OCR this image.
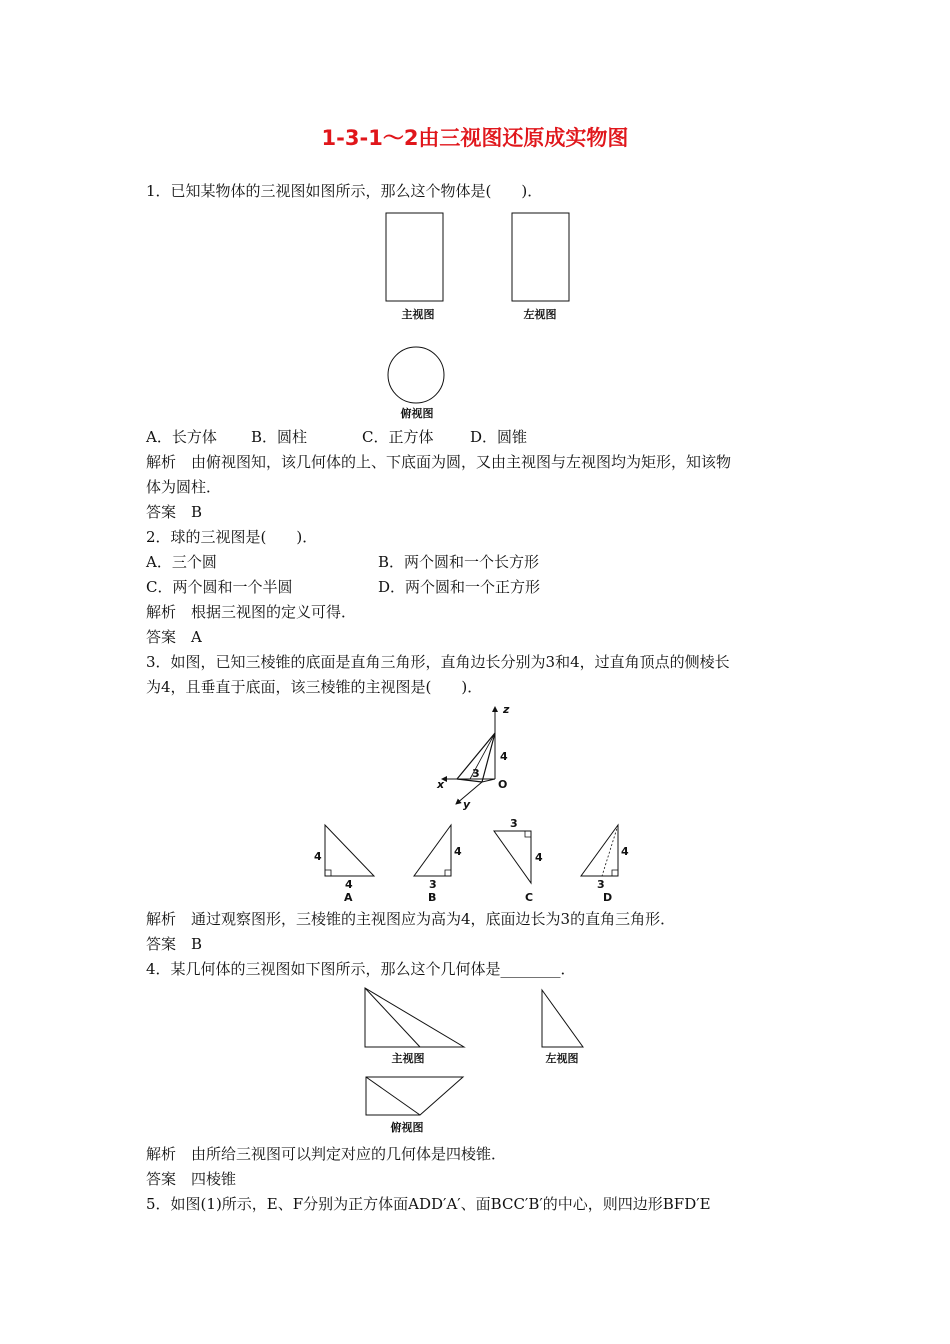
1-3-1～2由三视图还原成实物图
1．已知某物体的三视图如图所示，那么这个物体是(　　)．
主视图	左视图
俯视图
A．长方体 B．圆柱	C．正方体 D．圆锥
解析　由俯视图知，该几何体的上、下底面为圆，又由主视图与左视图均为矩形，知该物
体为圆柱．
答案　B
2．球的三视图是(　　)．
A．三个圆	B．两个圆和一个长方形
C．两个圆和一个半圆	D．两个圆和一个正方形
解析　根据三视图的定义可得．
答案　A
3．如图，已知三棱锥的底面是直角三角形，直角边长分别为3和4，过直角顶点的侧棱长
为4，且垂直于底面，该三棱锥的主视图是(　　)．
z
x
y
O
4
3
4
4
A
4
3
B
3
4
C
4
3
D
解析　通过观察图形，三棱锥的主视图应为高为4，底面边长为3的直角三角形．
答案　B
4．某几何体的三视图如下图所示，那么这个几何体是________．
主视图	左视图
俯视图
解析　由所给三视图可以判定对应的几何体是四棱锥．
答案　四棱锥
5．如图(1)所示，E、F分别为正方体面ADD′A′、面BCC′B′的中心，则四边形BFD′E
